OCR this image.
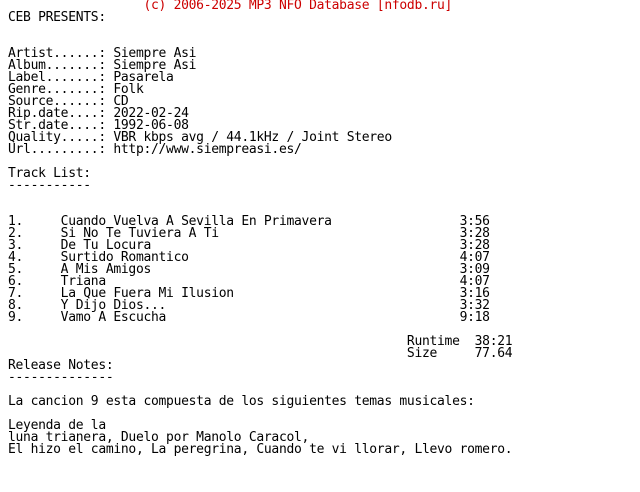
(c) 2006-2025 MP3 NFO Database [nfodb.ru]
CEB PRESENTS:

Artist......: Siempre Asi
Album.......: Siempre Asi
Label.......: Pasarela
Genre.......: Folk
Source......: CD
Rip.date....: 2022-02-24
Str.date....: 1992-06-08
Quality.....: VBR kbps avg / 44.1kHz / Joint Stereo
Url.........: http://www.siempreasi.es/

Track List:
-----------

1.     Cuando Vuelva A Sevilla En Primavera                 3:56
2.     Si No Te Tuviera A Ti                                3:28
3.     De Tu Locura                                         3:28
4.     Surtido Romantico                                    4:07
5.     A Mis Amigos                                         3:09
6.     Triana                                               4:07
7.     La Que Fuera Mi Ilusion                              3:16
8.     Y Dijo Dios...                                       3:32
9.     Vamo A Escucha                                       9:18

Runtime  38:21
Size     77.64
Release Notes:
--------------

La cancion 9 esta compuesta de los siguientes temas musicales:

Leyenda de la
luna trianera, Duelo por Manolo Caracol,
El hizo el camino, La peregrina, Cuando te vi llorar, Llevo romero.
